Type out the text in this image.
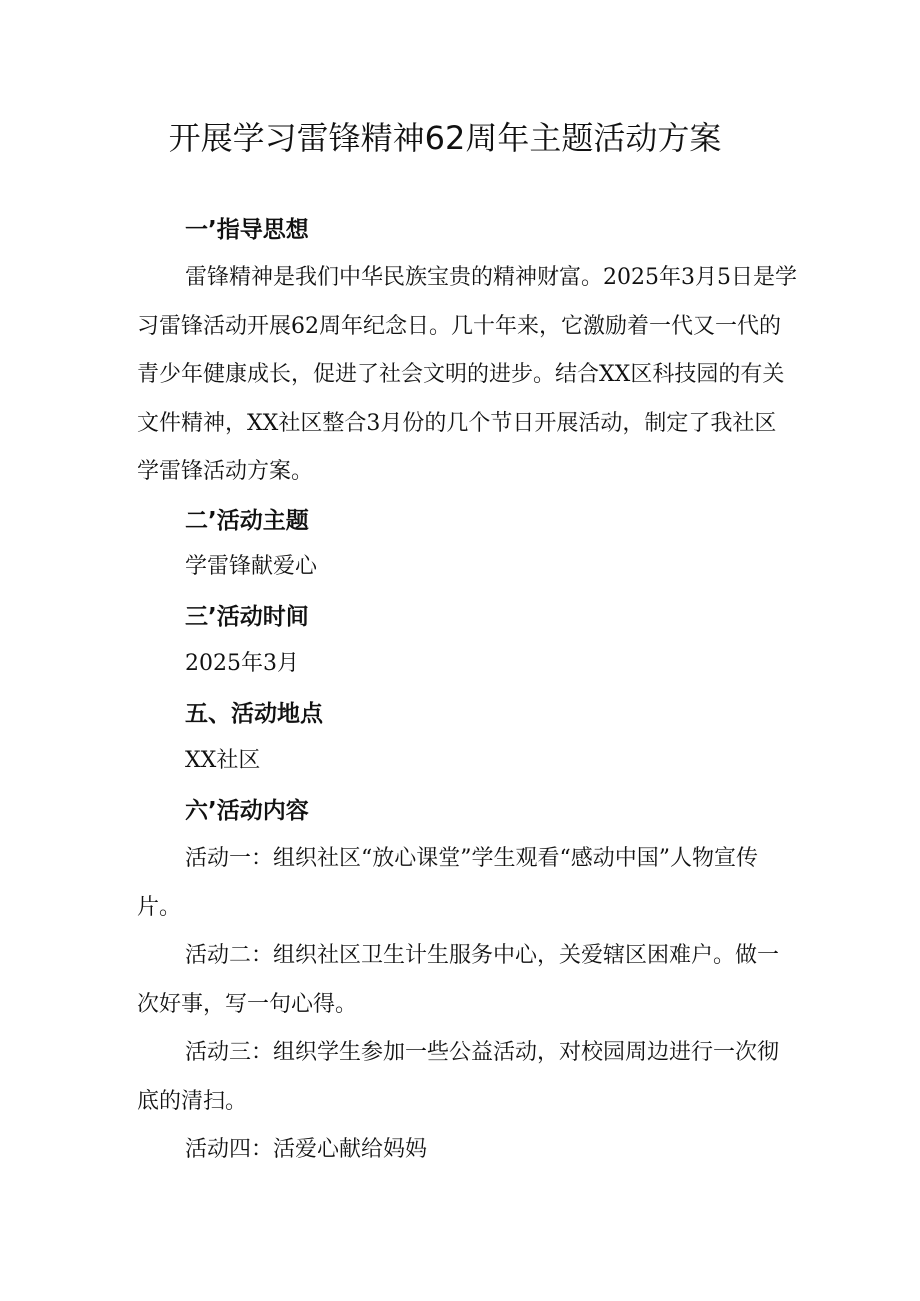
开展学习雷锋精神62周年主题活动方案
一’指导思想

雷锋精神是我们中华民族宝贵的精神财富。2025年3月5日是学习雷锋活动开展62周年纪念日。几十年来，它激励着一代又一代的青少年健康成长，促进了社会文明的进步。结合XX区科技园的有关文件精神，XX社区整合3月份的几个节日开展活动，制定了我社区学雷锋活动方案。

二’活动主题

学雷锋献爱心

三’活动时间

2025年3月

五、活动地点

XX社区

六’活动内容

活动一：组织社区“放心课堂”学生观看“感动中国”人物宣传片。

活动二：组织社区卫生计生服务中心，关爱辖区困难户。做一次好事，写一句心得。

活动三：组织学生参加一些公益活动，对校园周边进行一次彻底的清扫。

活动四：活爱心献给妈妈
